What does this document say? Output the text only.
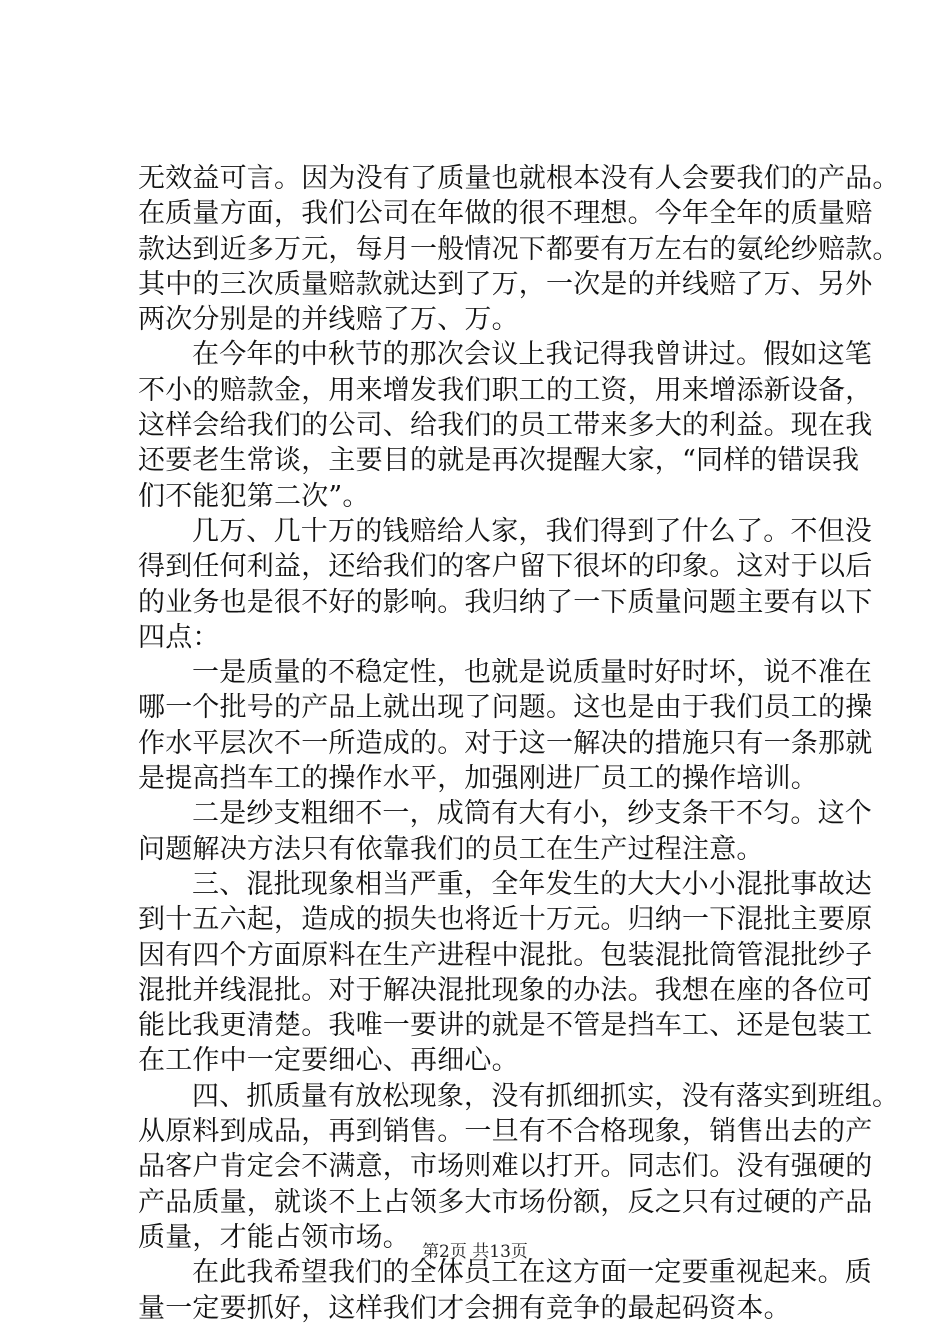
无效益可言。因为没有了质量也就根本没有人会要我们的产品。
在质量方面，我们公司在年做的很不理想。今年全年的质量赔
款达到近多万元，每月一般情况下都要有万左右的氨纶纱赔款。
其中的三次质量赔款就达到了万，一次是的并线赔了万、另外
两次分别是的并线赔了万、万。
在今年的中秋节的那次会议上我记得我曾讲过。假如这笔
不小的赔款金，用来增发我们职工的工资，用来增添新设备，
这样会给我们的公司、给我们的员工带来多大的利益。现在我
还要老生常谈，主要目的就是再次提醒大家，“同样的错误我
们不能犯第二次”。
几万、几十万的钱赔给人家，我们得到了什么了。不但没
得到任何利益，还给我们的客户留下很坏的印象。这对于以后
的业务也是很不好的影响。我归纳了一下质量问题主要有以下
四点：
一是质量的不稳定性，也就是说质量时好时坏，说不准在
哪一个批号的产品上就出现了问题。这也是由于我们员工的操
作水平层次不一所造成的。对于这一解决的措施只有一条那就
是提高挡车工的操作水平，加强刚进厂员工的操作培训。
二是纱支粗细不一，成筒有大有小，纱支条干不匀。这个
问题解决方法只有依靠我们的员工在生产过程注意。
三、混批现象相当严重，全年发生的大大小小混批事故达
到十五六起，造成的损失也将近十万元。归纳一下混批主要原
因有四个方面原料在生产进程中混批。包装混批筒管混批纱子
混批并线混批。对于解决混批现象的办法。我想在座的各位可
能比我更清楚。我唯一要讲的就是不管是挡车工、还是包装工
在工作中一定要细心、再细心。
四、抓质量有放松现象，没有抓细抓实，没有落实到班组。
从原料到成品，再到销售。一旦有不合格现象，销售出去的产
品客户肯定会不满意，市场则难以打开。同志们。没有强硬的
产品质量，就谈不上占领多大市场份额，反之只有过硬的产品
质量，才能占领市场。
在此我希望我们的全体员工在这方面一定要重视起来。质
量一定要抓好，这样我们才会拥有竞争的最起码资本。
第2页 共13页
